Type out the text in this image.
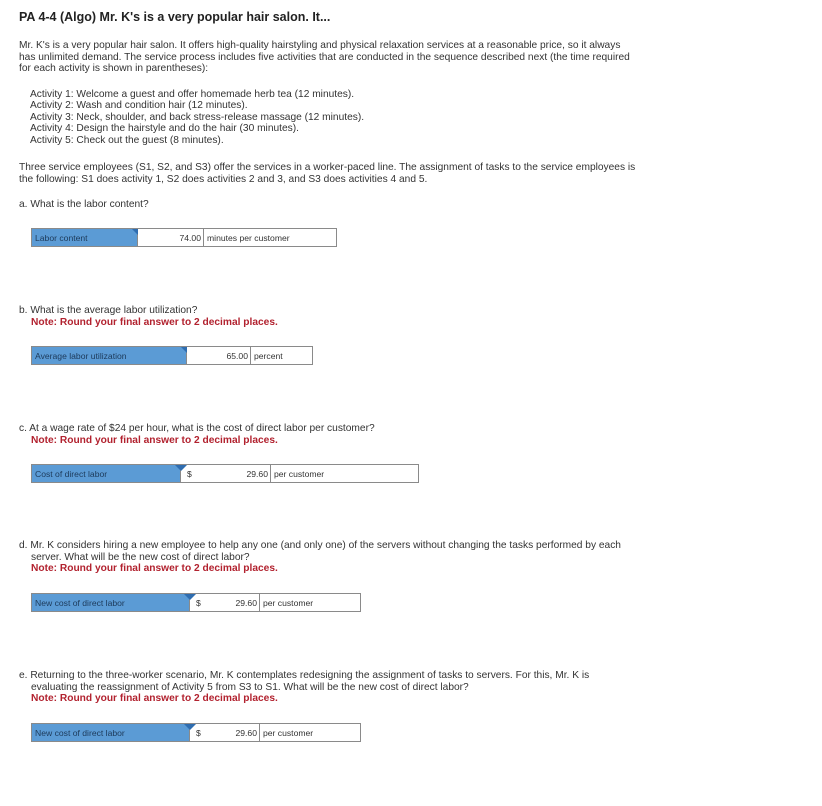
PA 4-4 (Algo) Mr. K's is a very popular hair salon. It...
Mr. K's is a very popular hair salon. It offers high-quality hairstyling and physical relaxation services at a reasonable price, so it always has unlimited demand. The service process includes five activities that are conducted in the sequence described next (the time required for each activity is shown in parentheses):
Activity 1: Welcome a guest and offer homemade herb tea (12 minutes).
Activity 2: Wash and condition hair (12 minutes).
Activity 3: Neck, shoulder, and back stress-release massage (12 minutes).
Activity 4: Design the hairstyle and do the hair (30 minutes).
Activity 5: Check out the guest (8 minutes).
Three service employees (S1, S2, and S3) offer the services in a worker-paced line. The assignment of tasks to the service employees is the following: S1 does activity 1, S2 does activities 2 and 3, and S3 does activities 4 and 5.
a. What is the labor content?
Labor content	74.00 minutes per customer
b. What is the average labor utilization?
Note: Round your final answer to 2 decimal places.
Average labor utilization	65.00 percent
c. At a wage rate of $24 per hour, what is the cost of direct labor per customer?
Note: Round your final answer to 2 decimal places.
Cost of direct labor	$	29.60 per customer
d. Mr. K considers hiring a new employee to help any one (and only one) of the servers without changing the tasks performed by each
server. What will be the new cost of direct labor?
Note: Round your final answer to 2 decimal places.
New cost of direct labor	$	29.60 per customer
e. Returning to the three-worker scenario, Mr. K contemplates redesigning the assignment of tasks to servers. For this, Mr. K is
evaluating the reassignment of Activity 5 from S3 to S1. What will be the new cost of direct labor?
Note: Round your final answer to 2 decimal places.
New cost of direct labor	$	29.60 per customer
